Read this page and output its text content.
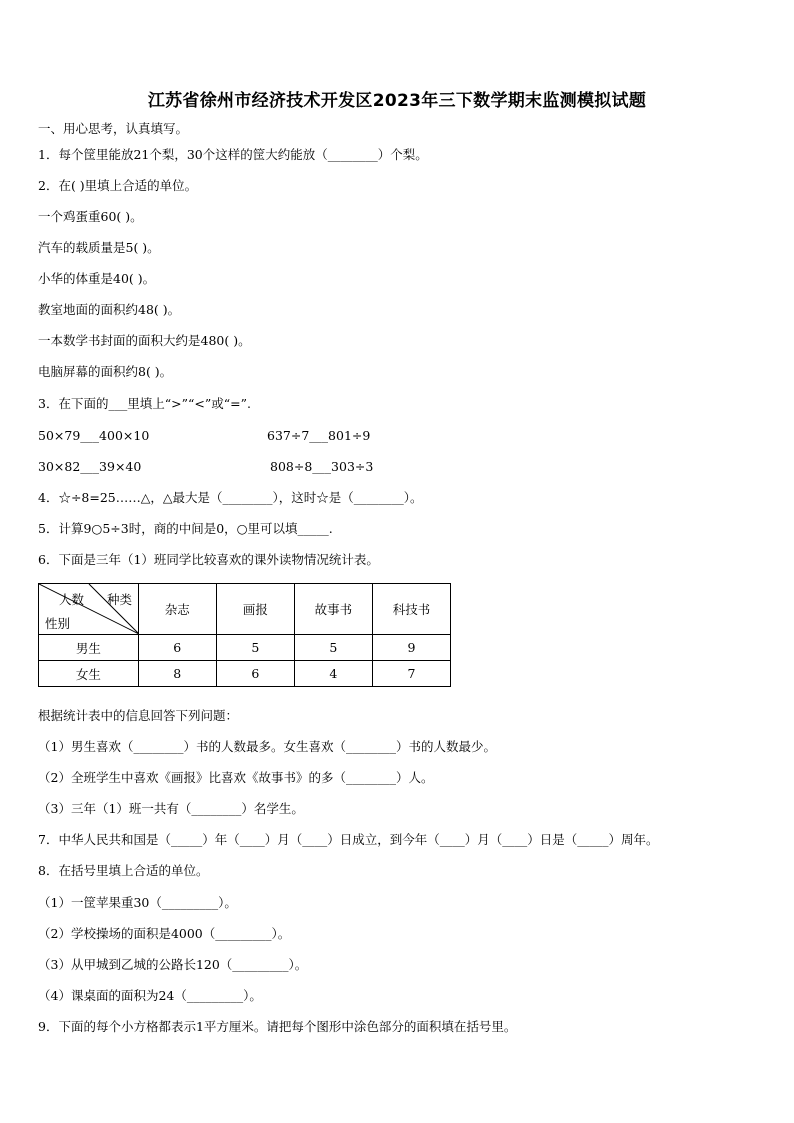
江苏省徐州市经济技术开发区2023年三下数学期末监测模拟试题
一、用心思考，认真填写。
1．每个筐里能放21个梨，30个这样的筐大约能放（________）个梨。
2．在( )里填上合适的单位。
一个鸡蛋重60( )。
汽车的载质量是5( )。
小华的体重是40( )。
教室地面的面积约48( )。
一本数学书封面的面积大约是480( )。
电脑屏幕的面积约8( )。
3．在下面的___里填上“>”“<”或“=”.
50×79___400×10	637÷7___801÷9
30×82___39×40	808÷8___303÷3
4．☆÷8=25……△，△最大是（________），这时☆是（________）。
5．计算9○5÷3时，商的中间是0，○里可以填_____.
6．下面是三年（1）班同学比较喜欢的课外读物情况统计表。
种类
人数
性别	杂志	画报	故事书	科技书
男生	6	5	5	9
女生	8	6	4	7
根据统计表中的信息回答下列问题：
（1）男生喜欢（________）书的人数最多。女生喜欢（________）书的人数最少。
（2）全班学生中喜欢《画报》比喜欢《故事书》的多（________）人。
（3）三年（1）班一共有（________）名学生。
7．中华人民共和国是（_____）年（____）月（____）日成立，到今年（____）月（____）日是（_____）周年。
8．在括号里填上合适的单位。
（1）一筐苹果重30（_________）。
（2）学校操场的面积是4000（_________）。
（3）从甲城到乙城的公路长120（_________）。
（4）课桌面的面积为24（_________）。
9．下面的每个小方格都表示1平方厘米。请把每个图形中涂色部分的面积填在括号里。
